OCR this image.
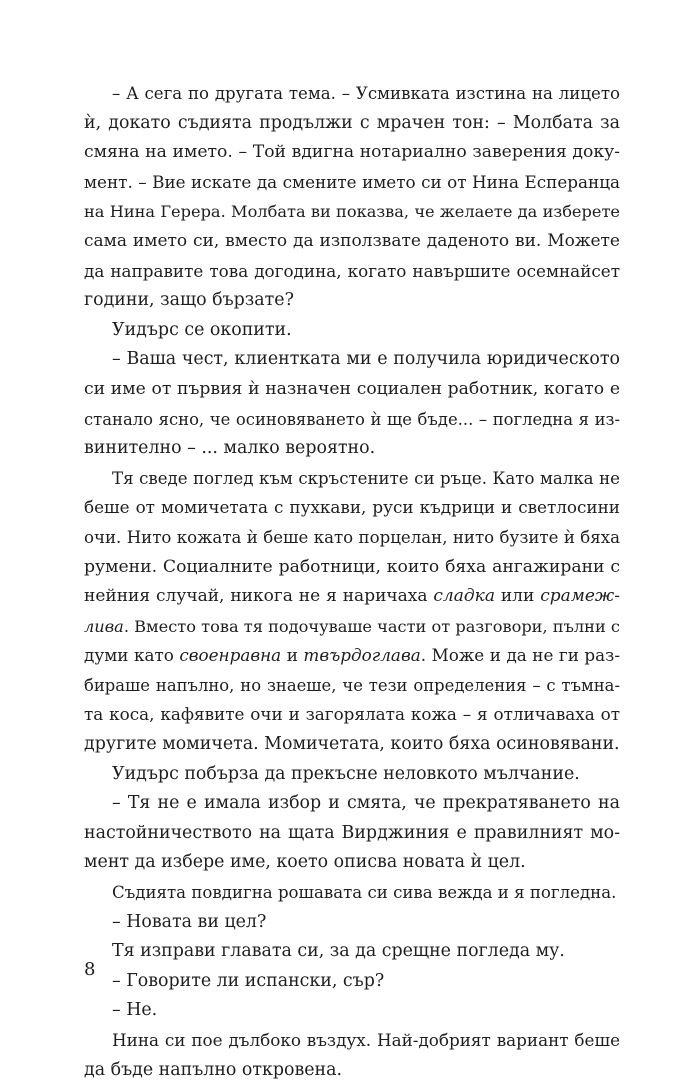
– А сега по другата тема. – Усмивката изстина на лицето
ѝ, докато съдията продължи с мрачен тон: – Молбата за
смяна на името. – Той вдигна нотариално заверения доку-
мент. – Вие искате да смените името си от Нина Есперанца
на Нина Герера. Молбата ви показва, че желаете да изберете
сама името си, вместо да използвате даденото ви. Можете
да направите това догодина, когато навършите осемнайсет
години, защо бързате?
Уидърс се окопити.
– Ваша чест, клиентката ми е получила юридическото
си име от първия ѝ назначен социален работник, когато е
станало ясно, че осиновяването ѝ ще бъде... – погледна я из-
винително – ... малко вероятно.
Тя сведе поглед към скръстените си ръце. Като малка не
беше от момичетата с пухкави, руси къдрици и светлосини
очи. Нито кожата ѝ беше като порцелан, нито бузите ѝ бяха
румени. Социалните работници, които бяха ангажирани с
нейния случай, никога не я наричаха сладка или срамеж-
лива. Вместо това тя подочуваше части от разговори, пълни с
думи като своенравна и твърдоглава. Може и да не ги раз-
бираше напълно, но знаеше, че тези определения – с тъмна-
та коса, кафявите очи и загорялата кожа – я отличаваха от
другите момичета. Момичетата, които бяха осиновявани.
Уидърс побърза да прекъсне неловкото мълчание.
– Тя не е имала избор и смята, че прекратяването на
настойничеството на щата Вирджиния е правилният мо-
мент да избере име, което описва новата ѝ цел.
Съдията повдигна рошавата си сива вежда и я погледна.
– Новата ви цел?
Тя изправи главата си, за да срещне погледа му.
– Говорите ли испански, сър?
– Не.
Нина си пое дълбоко въздух. Най-добрият вариант беше
да бъде напълно откровена.
8
